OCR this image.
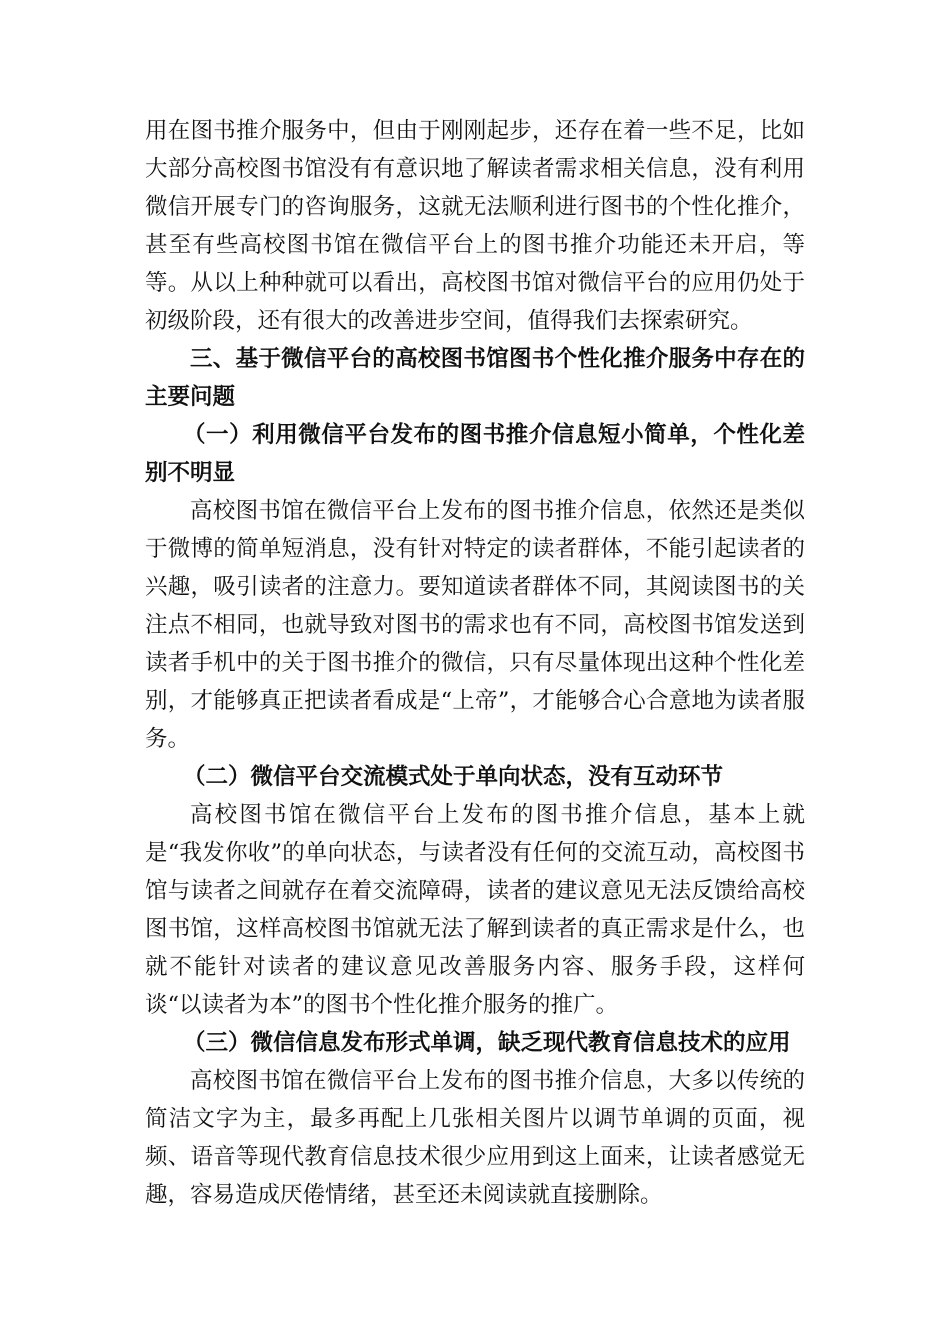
用在图书推介服务中，但由于刚刚起步，还存在着一些不足，比如大部分高校图书馆没有有意识地了解读者需求相关信息，没有利用微信开展专门的咨询服务，这就无法顺利进行图书的个性化推介，甚至有些高校图书馆在微信平台上的图书推介功能还未开启，等等。从以上种种就可以看出，高校图书馆对微信平台的应用仍处于初级阶段，还有很大的改善进步空间，值得我们去探索研究。

三、基于微信平台的高校图书馆图书个性化推介服务中存在的主要问题

（一）利用微信平台发布的图书推介信息短小简单，个性化差别不明显

高校图书馆在微信平台上发布的图书推介信息，依然还是类似于微博的简单短消息，没有针对特定的读者群体，不能引起读者的兴趣，吸引读者的注意力。要知道读者群体不同，其阅读图书的关注点不相同，也就导致对图书的需求也有不同，高校图书馆发送到读者手机中的关于图书推介的微信，只有尽量体现出这种个性化差别，才能够真正把读者看成是“上帝”，才能够合心合意地为读者服务。

（二）微信平台交流模式处于单向状态，没有互动环节

高校图书馆在微信平台上发布的图书推介信息，基本上就是“我发你收”的单向状态，与读者没有任何的交流互动，高校图书馆与读者之间就存在着交流障碍，读者的建议意见无法反馈给高校图书馆，这样高校图书馆就无法了解到读者的真正需求是什么，也就不能针对读者的建议意见改善服务内容、服务手段，这样何谈“以读者为本”的图书个性化推介服务的推广。

（三）微信信息发布形式单调，缺乏现代教育信息技术的应用

高校图书馆在微信平台上发布的图书推介信息，大多以传统的简洁文字为主，最多再配上几张相关图片以调节单调的页面，视频、语音等现代教育信息技术很少应用到这上面来，让读者感觉无趣，容易造成厌倦情绪，甚至还未阅读就直接删除。
